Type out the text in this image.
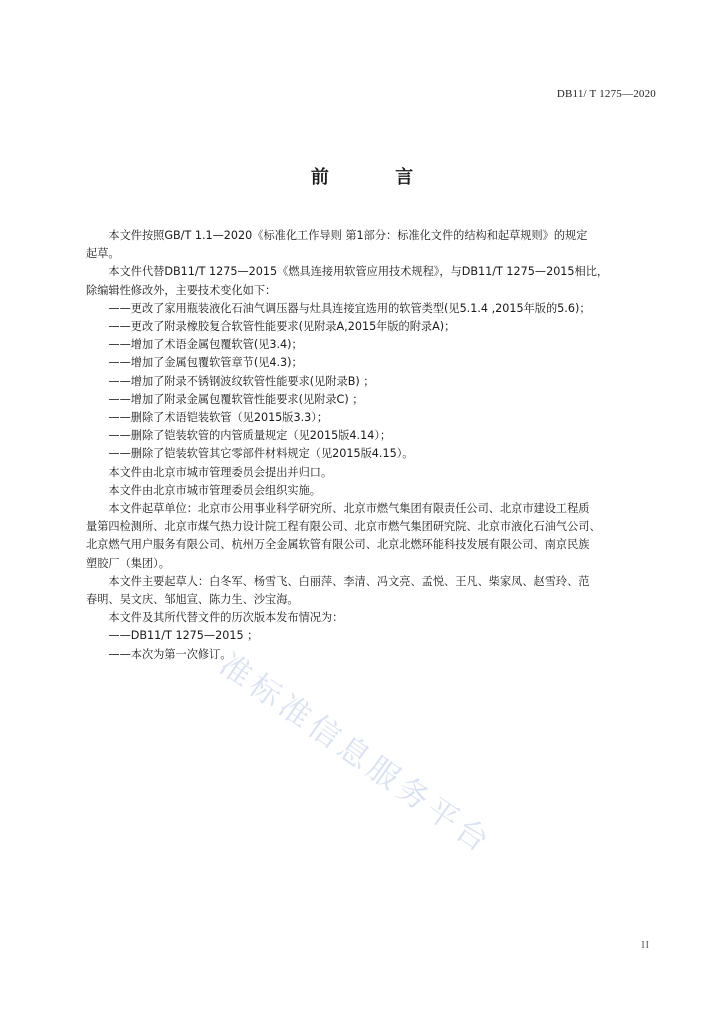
DB11/ T 1275—2020
前 言

本文件按照GB/T 1.1—2020《标准化工作导则 第1部分：标准化文件的结构和起草规则》的规定

起草。

本文件代替DB11/T 1275—2015《燃具连接用软管应用技术规程》，与DB11/T 1275—2015相比，

除编辑性修改外，主要技术变化如下：

——更改了家用瓶装液化石油气调压器与灶具连接宜选用的软管类型(见5.1.4 ,2015年版的5.6)；

——更改了附录橡胶复合软管性能要求(见附录A,2015年版的附录A)；

——增加了术语金属包覆软管(见3.4)；

——增加了金属包覆软管章节(见4.3)；

——增加了附录不锈钢波纹软管性能要求(见附录B) ；

——增加了附录金属包覆软管性能要求(见附录C) ；

——删除了术语铠装软管（见2015版3.3）；

——删除了铠装软管的内管质量规定（见2015版4.14）；

——删除了铠装软管其它零部件材料规定（见2015版4.15）。

本文件由北京市城市管理委员会提出并归口。

本文件由北京市城市管理委员会组织实施。

本文件起草单位：北京市公用事业科学研究所、北京市燃气集团有限责任公司、北京市建设工程质

量第四检测所、北京市煤气热力设计院工程有限公司、北京市燃气集团研究院、北京市液化石油气公司、

北京燃气用户服务有限公司、杭州万全金属软管有限公司、北京北燃环能科技发展有限公司、南京民族

塑胶厂（集团）。

本文件主要起草人：白冬军、杨雪飞、白丽萍、李清、冯文亮、孟悦、王凡、柴家凤、赵雪玲、范

春明、吴文庆、邹旭宣、陈力生、沙宝海。

本文件及其所代替文件的历次版本发布情况为：

——DB11/T 1275—2015 ；

——本次为第一次修订。

准标准信息服务平台
II
